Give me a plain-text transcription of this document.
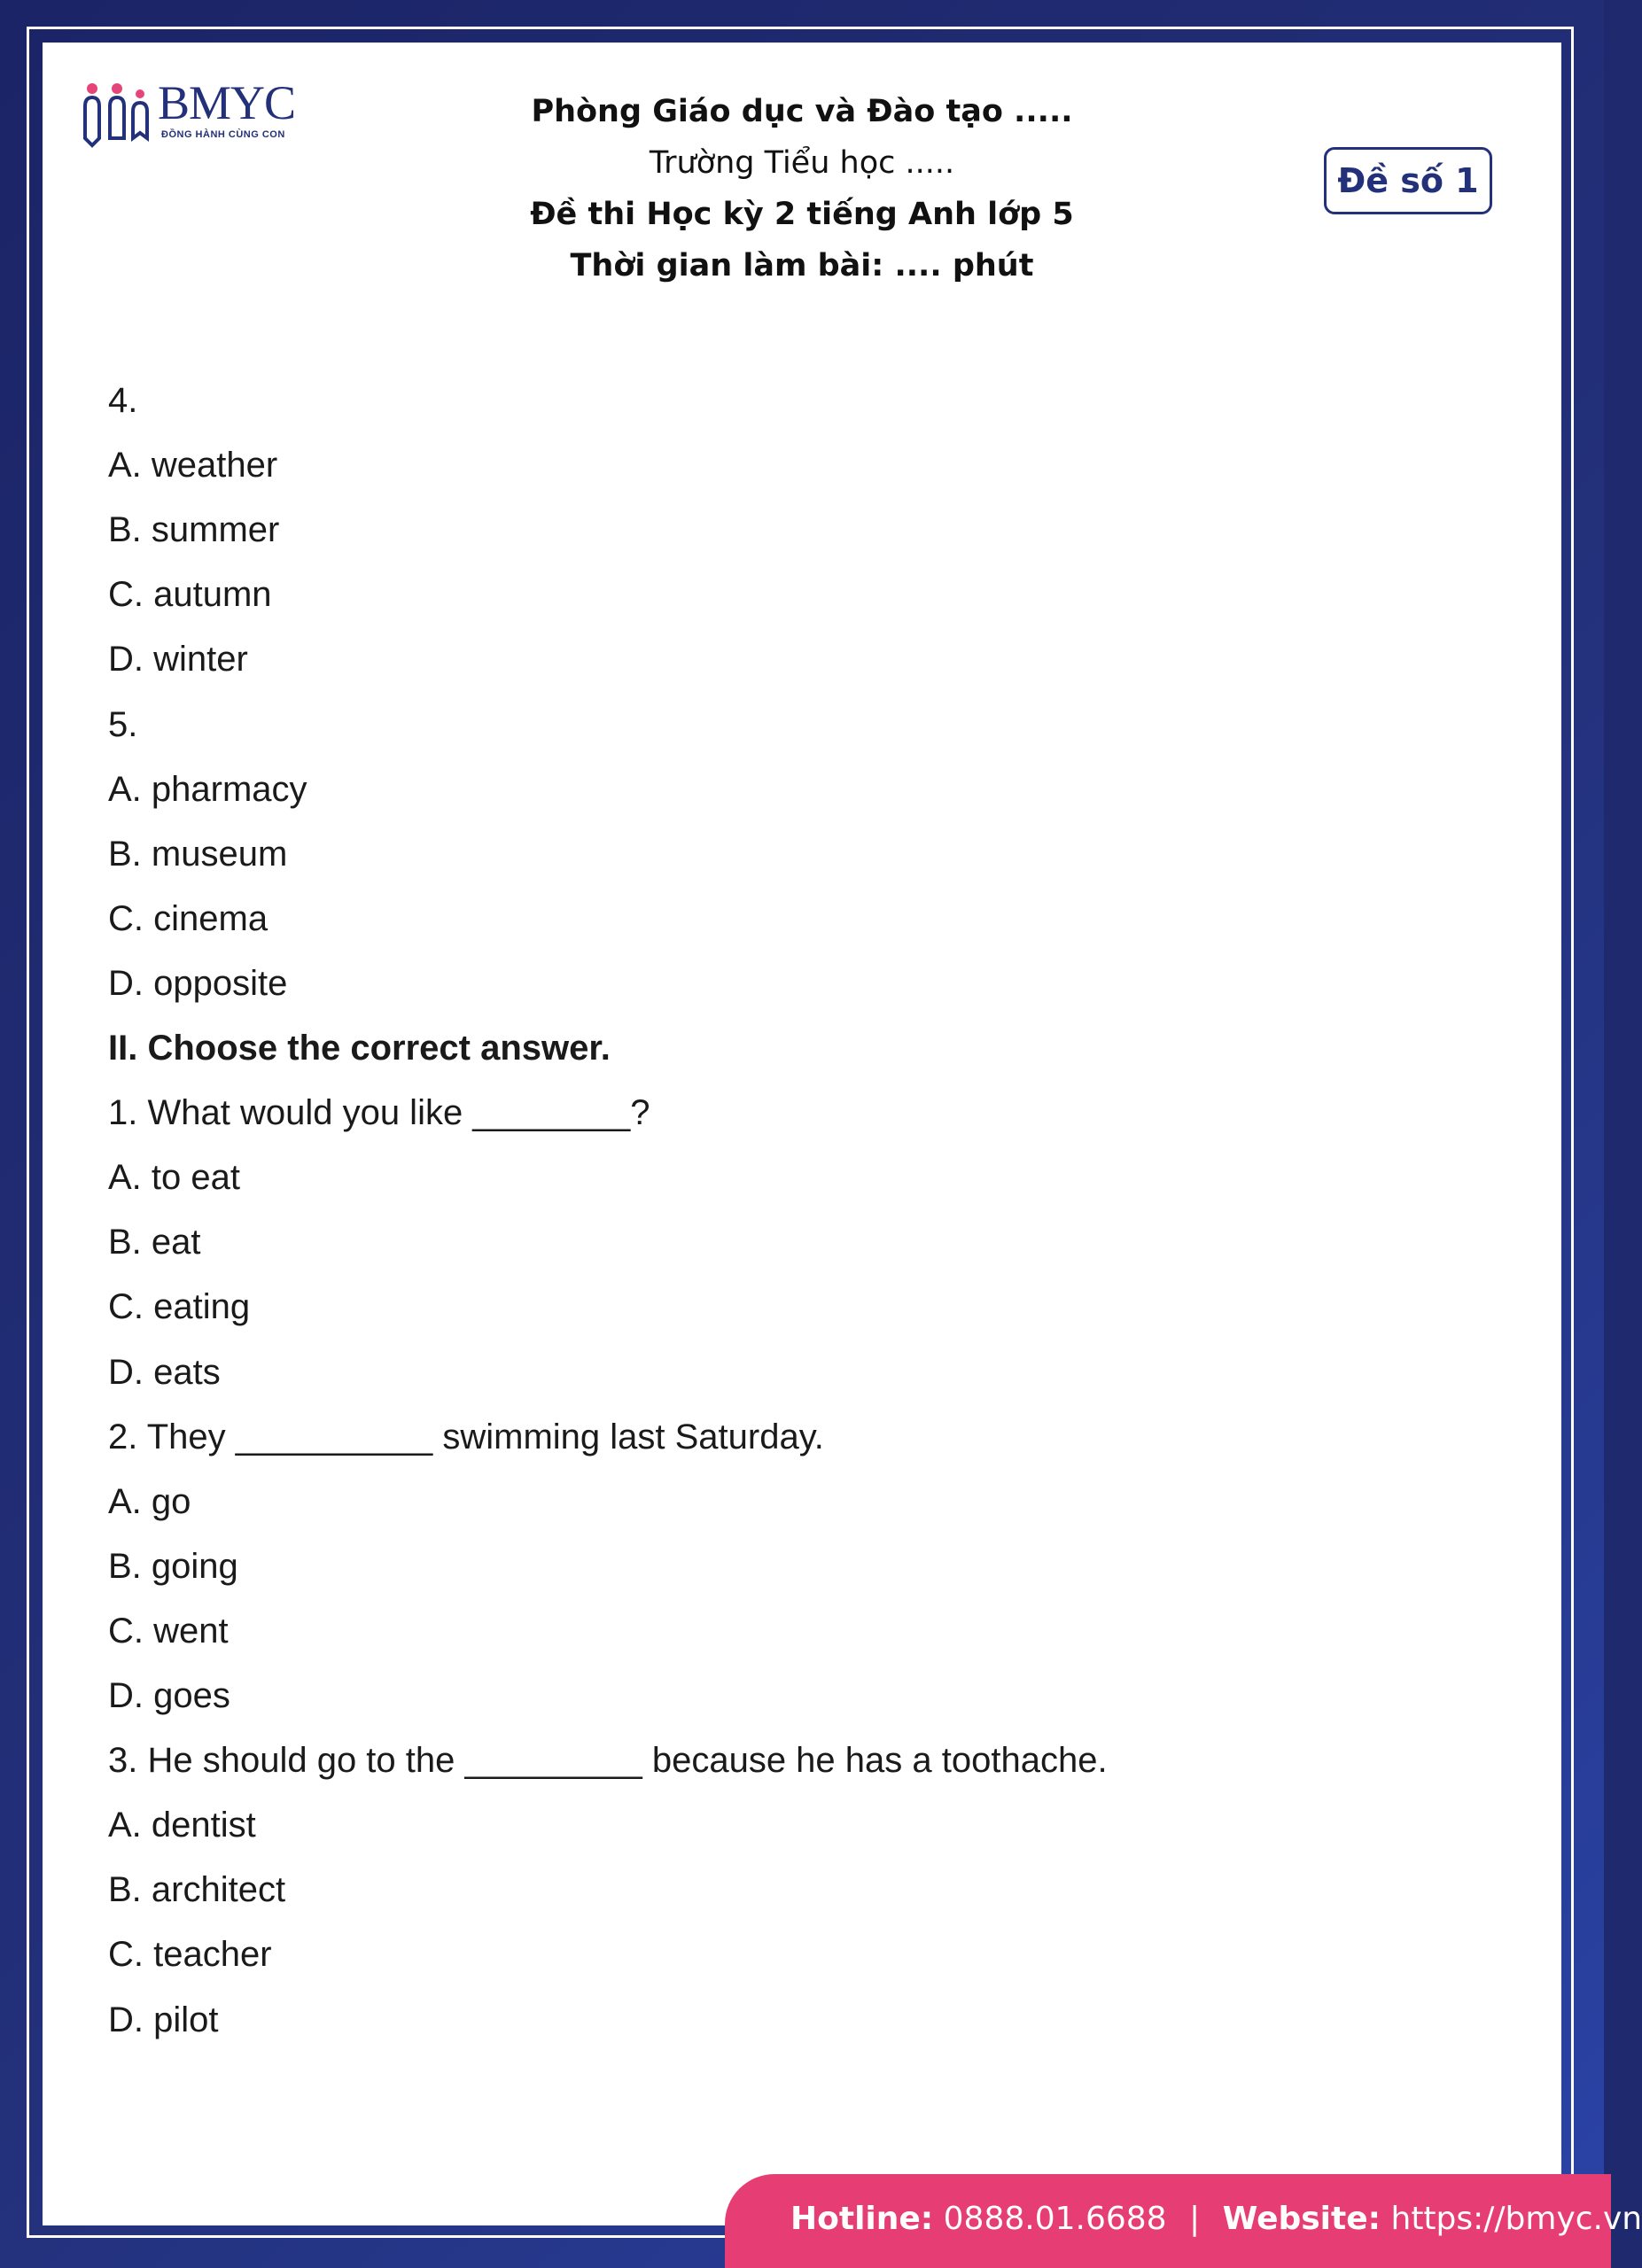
BMYC
ĐỒNG HÀNH CÙNG CON
Phòng Giáo dục và Đào tạo .....
Trường Tiểu học .....
Đề thi Học kỳ 2 tiếng Anh lớp 5
Thời gian làm bài: .... phút
Đề số 1
4.
A. weather
B. summer
C. autumn
D. winter
5.
A. pharmacy
B. museum
C. cinema
D. opposite
II. Choose the correct answer.
1. What would you like ________?
A. to eat
B. eat
C. eating
D. eats
2. They __________ swimming last Saturday.
A. go
B. going
C. went
D. goes
3. He should go to the _________ because he has a toothache.
A. dentist
B. architect
C. teacher
D. pilot
Hotline: 0888.01.6688 | Website: https://bmyc.vn
